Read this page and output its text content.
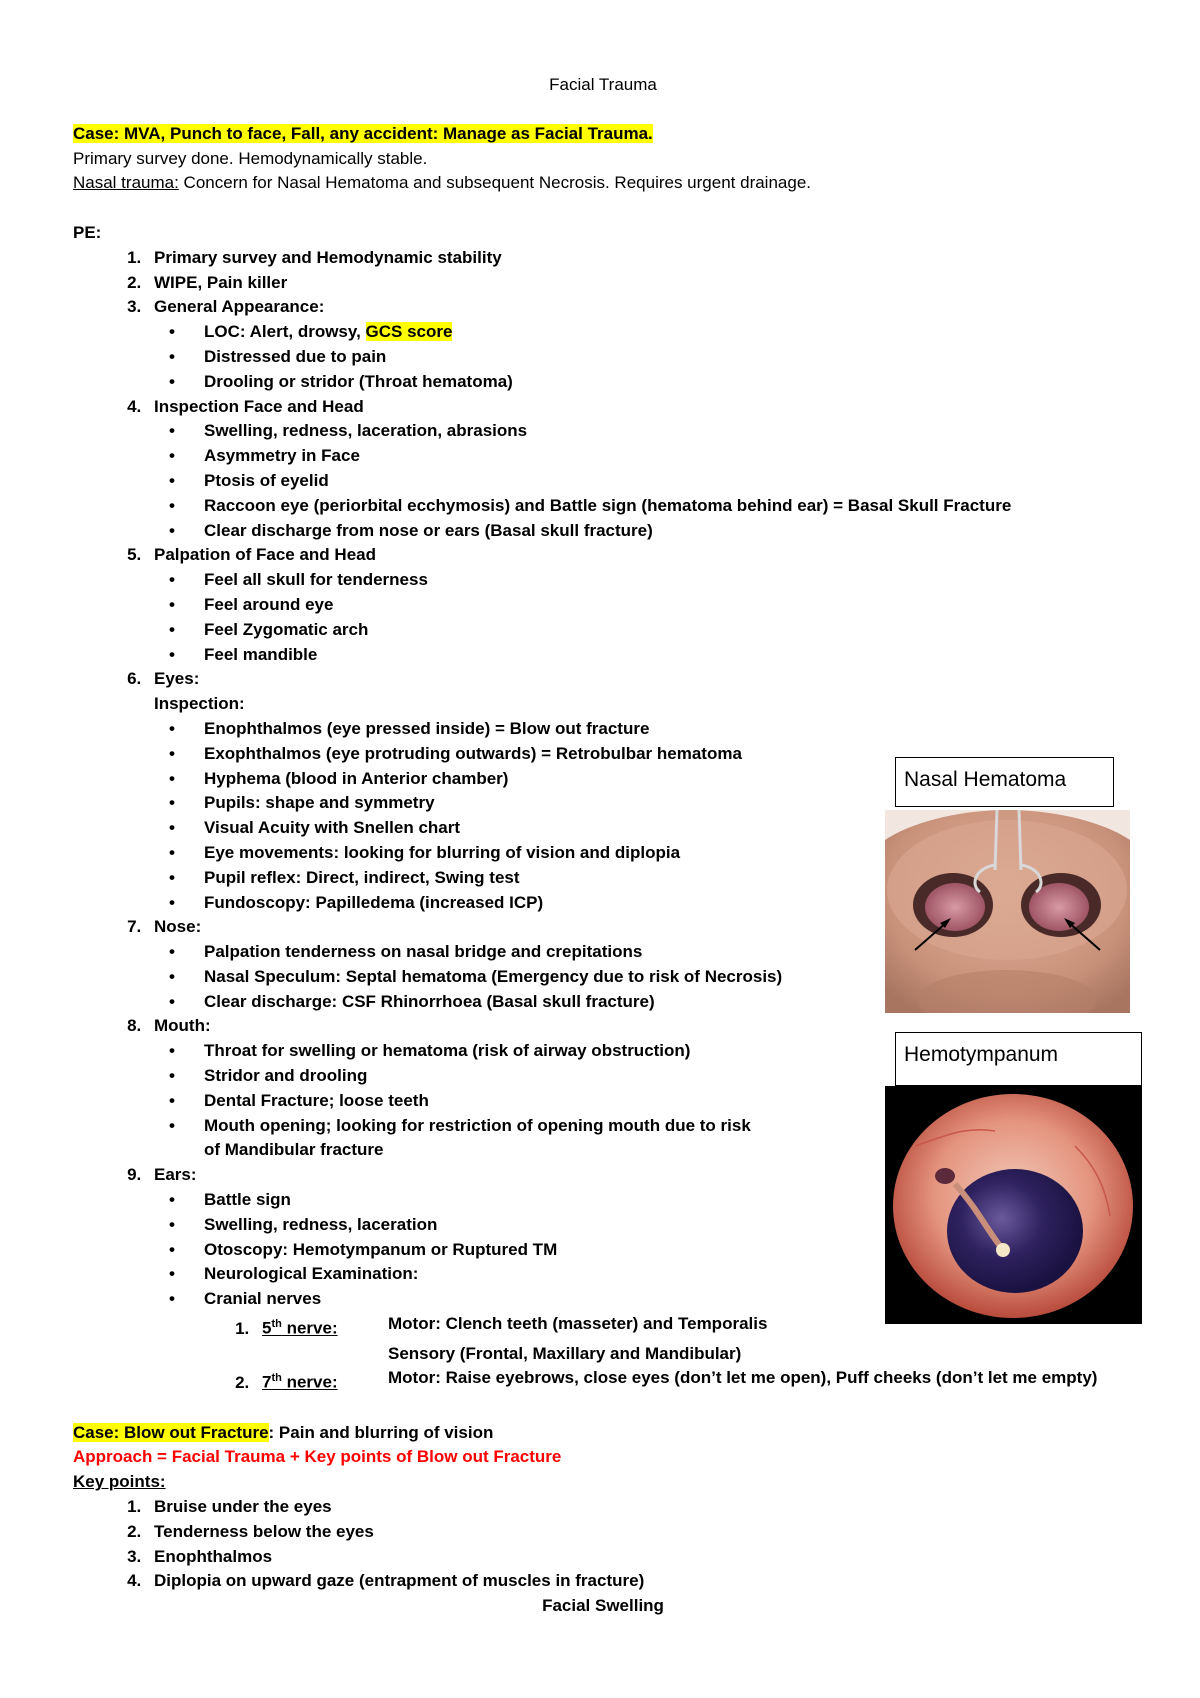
Facial Trauma

Case: MVA, Punch to face, Fall, any accident: Manage as Facial Trauma.

Primary survey done. Hemodynamically stable.

Nasal trauma: Concern for Nasal Hematoma and subsequent Necrosis. Requires urgent drainage.

PE:

1. Primary survey and Hemodynamic stability
2. WIPE, Pain killer
3. General Appearance:
• LOC: Alert, drowsy, GCS score
• Distressed due to pain
• Drooling or stridor (Throat hematoma)
4. Inspection Face and Head
• Swelling, redness, laceration, abrasions
• Asymmetry in Face
• Ptosis of eyelid
• Raccoon eye (periorbital ecchymosis) and Battle sign (hematoma behind ear) = Basal Skull Fracture
• Clear discharge from nose or ears (Basal skull fracture)
5. Palpation of Face and Head
• Feel all skull for tenderness
• Feel around eye
• Feel Zygomatic arch
• Feel mandible
6. Eyes:
Inspection:
• Enophthalmos (eye pressed inside) = Blow out fracture
• Exophthalmos (eye protruding outwards) = Retrobulbar hematoma
• Hyphema (blood in Anterior chamber)
• Pupils: shape and symmetry
• Visual Acuity with Snellen chart
• Eye movements: looking for blurring of vision and diplopia
• Pupil reflex: Direct, indirect, Swing test
• Fundoscopy: Papilledema (increased ICP)
7. Nose:
• Palpation tenderness on nasal bridge and crepitations
• Nasal Speculum: Septal hematoma (Emergency due to risk of Necrosis)
• Clear discharge: CSF Rhinorrhoea (Basal skull fracture)
8. Mouth:
• Throat for swelling or hematoma (risk of airway obstruction)
• Stridor and drooling
• Dental Fracture; loose teeth
• Mouth opening; looking for restriction of opening mouth due to risk of Mandibular fracture
9. Ears:
• Battle sign
• Swelling, redness, laceration
• Otoscopy: Hemotympanum or Ruptured TM
• Neurological Examination:
• Cranial nerves
1. 5th nerve:	Motor: Clench teeth (masseter) and Temporalis
Sensory (Frontal, Maxillary and Mandibular)
2. 7th nerve:	Motor: Raise eyebrows, close eyes (don’t let me open), Puff cheeks (don’t let me empty)

Case: Blow out Fracture: Pain and blurring of vision

Approach = Facial Trauma + Key points of Blow out Fracture

Key points:

1. Bruise under the eyes
2. Tenderness below the eyes
3. Enophthalmos
4. Diplopia on upward gaze (entrapment of muscles in fracture)

Facial Swelling

Nasal Hematoma
Hemotympanum
